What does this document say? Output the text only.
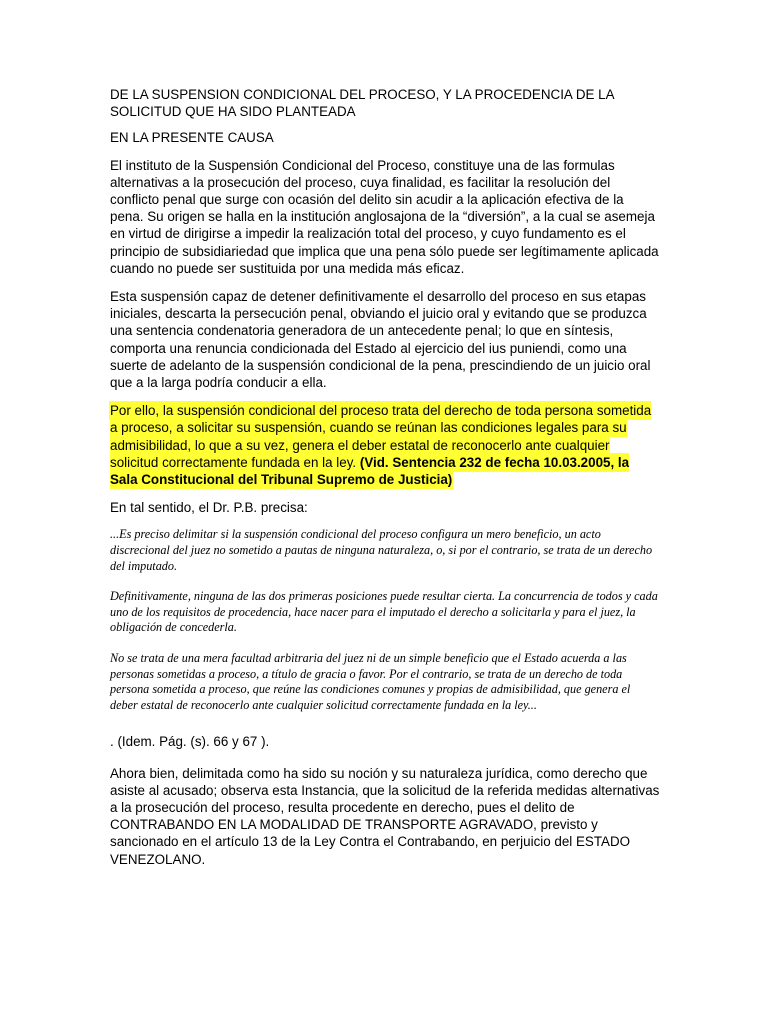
DE LA SUSPENSION CONDICIONAL DEL PROCESO, Y LA PROCEDENCIA DE LA SOLICITUD QUE HA SIDO PLANTEADA
EN LA PRESENTE CAUSA

El instituto de la Suspensión Condicional del Proceso, constituye una de las formulas alternativas a la prosecución del proceso, cuya finalidad, es facilitar la resolución del conflicto penal que surge con ocasión del delito sin acudir a la aplicación efectiva de la pena. Su origen se halla en la institución anglosajona de la “diversión”, a la cual se asemeja en virtud de dirigirse a impedir la realización total del proceso, y cuyo fundamento es el principio de subsidiariedad que implica que una pena sólo puede ser legítimamente aplicada cuando no puede ser sustituida por una medida más eficaz.

Esta suspensión capaz de detener definitivamente el desarrollo del proceso en sus etapas iniciales, descarta la persecución penal, obviando el juicio oral y evitando que se produzca una sentencia condenatoria generadora de un antecedente penal; lo que en síntesis, comporta una renuncia condicionada del Estado al ejercicio del ius puniendi, como una suerte de adelanto de la suspensión condicional de la pena, prescindiendo de un juicio oral que a la larga podría conducir a ella.

Por ello, la suspensión condicional del proceso trata del derecho de toda persona sometida a proceso, a solicitar su suspensión, cuando se reúnan las condiciones legales para su admisibilidad, lo que a su vez, genera el deber estatal de reconocerlo ante cualquier solicitud correctamente fundada en la ley. (Vid. Sentencia 232 de fecha 10.03.2005, la Sala Constitucional del Tribunal Supremo de Justicia)

En tal sentido, el Dr. P.B. precisa:

...Es preciso delimitar si la suspensión condicional del proceso configura un mero beneficio, un acto discrecional del juez no sometido a pautas de ninguna naturaleza, o, si por el contrario, se trata de un derecho del imputado.

Definitivamente, ninguna de las dos primeras posiciones puede resultar cierta. La concurrencia de todos y cada uno de los requisitos de procedencia, hace nacer para el imputado el derecho a solicitarla y para el juez, la obligación de concederla.

No se trata de una mera facultad arbitraria del juez ni de un simple beneficio que el Estado acuerda a las personas sometidas a proceso, a título de gracia o favor. Por el contrario, se trata de un derecho de toda persona sometida a proceso, que reúne las condiciones comunes y propias de admisibilidad, que genera el deber estatal de reconocerlo ante cualquier solicitud correctamente fundada en la ley...

. (Idem. Pág. (s). 66 y 67 ).

Ahora bien, delimitada como ha sido su noción y su naturaleza jurídica, como derecho que asiste al acusado; observa esta Instancia, que la solicitud de la referida medidas alternativas a la prosecución del proceso, resulta procedente en derecho, pues el delito de CONTRABANDO EN LA MODALIDAD DE TRANSPORTE AGRAVADO, previsto y sancionado en el artículo 13 de la Ley Contra el Contrabando, en perjuicio del ESTADO VENEZOLANO.
